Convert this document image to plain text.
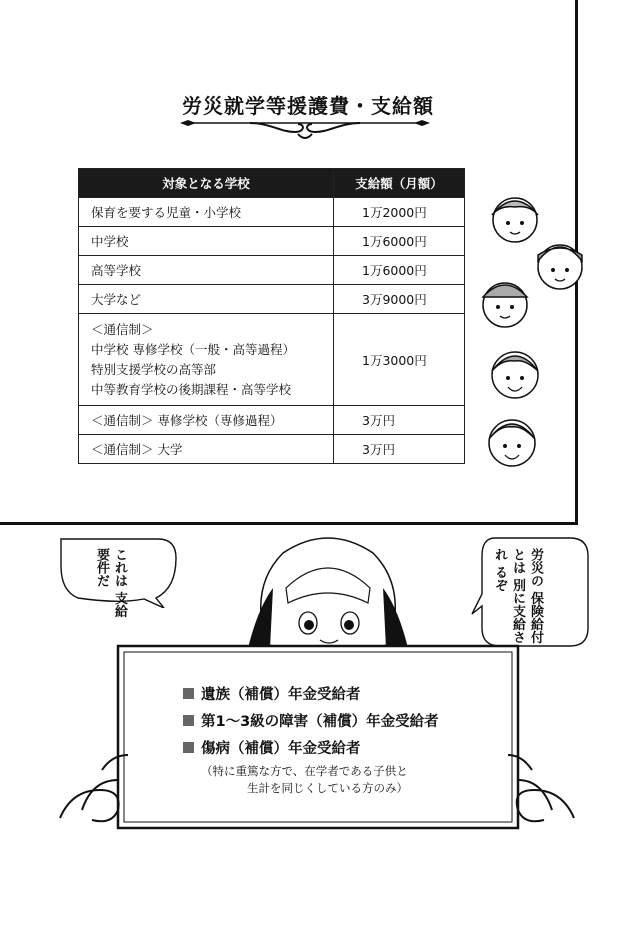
労災就学等援護費・支給額
対象となる学校	支給額（月額）
保育を要する児童・小学校	1万2000円
中学校	1万6000円
高等学校	1万6000円
大学など	3万9000円

＜通信制＞
中学校 専修学校（一般・高等過程）
特別支援学校の高等部
中等教育学校の後期課程・高等学校	1万3000円
＜通信制＞ 専修学校（専修過程）	3万円
＜通信制＞ 大学	3万円
これは 支給 要件だ	労災の 保険給付とは 別に支給され るぞ
遺族（補償）年金受給者
第1～3級の障害（補償）年金受給者
傷病（補償）年金受給者
（特に重篤な方で、在学者である子供と
生計を同じくしている方のみ）
